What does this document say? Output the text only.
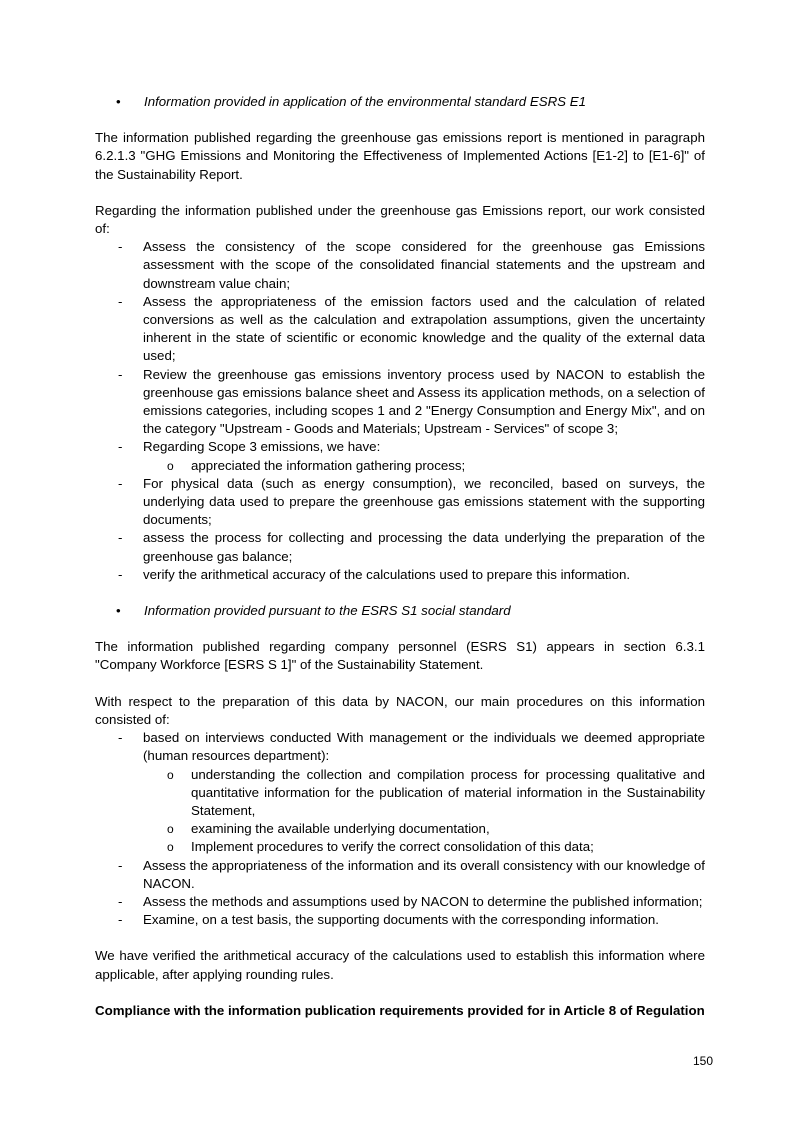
• Information provided in application of the environmental standard ESRS E1

The information published regarding the greenhouse gas emissions report is mentioned in paragraph 6.2.1.3 "GHG Emissions and Monitoring the Effectiveness of Implemented Actions [E1-2] to [E1-6]" of the Sustainability Report.

Regarding the information published under the greenhouse gas Emissions report, our work consisted of:

- Assess the consistency of the scope considered for the greenhouse gas Emissions assessment with the scope of the consolidated financial statements and the upstream and downstream value chain;
- Assess the appropriateness of the emission factors used and the calculation of related conversions as well as the calculation and extrapolation assumptions, given the uncertainty inherent in the state of scientific or economic knowledge and the quality of the external data used;
- Review the greenhouse gas emissions inventory process used by NACON to establish the greenhouse gas emissions balance sheet and Assess its application methods, on a selection of emissions categories, including scopes 1 and 2 "Energy Consumption and Energy Mix", and on the category "Upstream - Goods and Materials; Upstream - Services" of scope 3;
- Regarding Scope 3 emissions, we have:
o appreciated the information gathering process;
- For physical data (such as energy consumption), we reconciled, based on surveys, the underlying data used to prepare the greenhouse gas emissions statement with the supporting documents;
- assess the process for collecting and processing the data underlying the preparation of the greenhouse gas balance;
- verify the arithmetical accuracy of the calculations used to prepare this information.
• Information provided pursuant to the ESRS S1 social standard

The information published regarding company personnel (ESRS S1) appears in section 6.3.1 "Company Workforce [ESRS S 1]" of the Sustainability Statement.

With respect to the preparation of this data by NACON, our main procedures on this information consisted of:

- based on interviews conducted With management or the individuals we deemed appropriate (human resources department):
o understanding the collection and compilation process for processing qualitative and quantitative information for the publication of material information in the Sustainability Statement,
o examining the available underlying documentation,
o Implement procedures to verify the correct consolidation of this data;
- Assess the appropriateness of the information and its overall consistency with our knowledge of NACON.
- Assess the methods and assumptions used by NACON to determine the published information;
- Examine, on a test basis, the supporting documents with the corresponding information.

We have verified the arithmetical accuracy of the calculations used to establish this information where applicable, after applying rounding rules.

Compliance with the information publication requirements provided for in Article 8 of Regulation

150
